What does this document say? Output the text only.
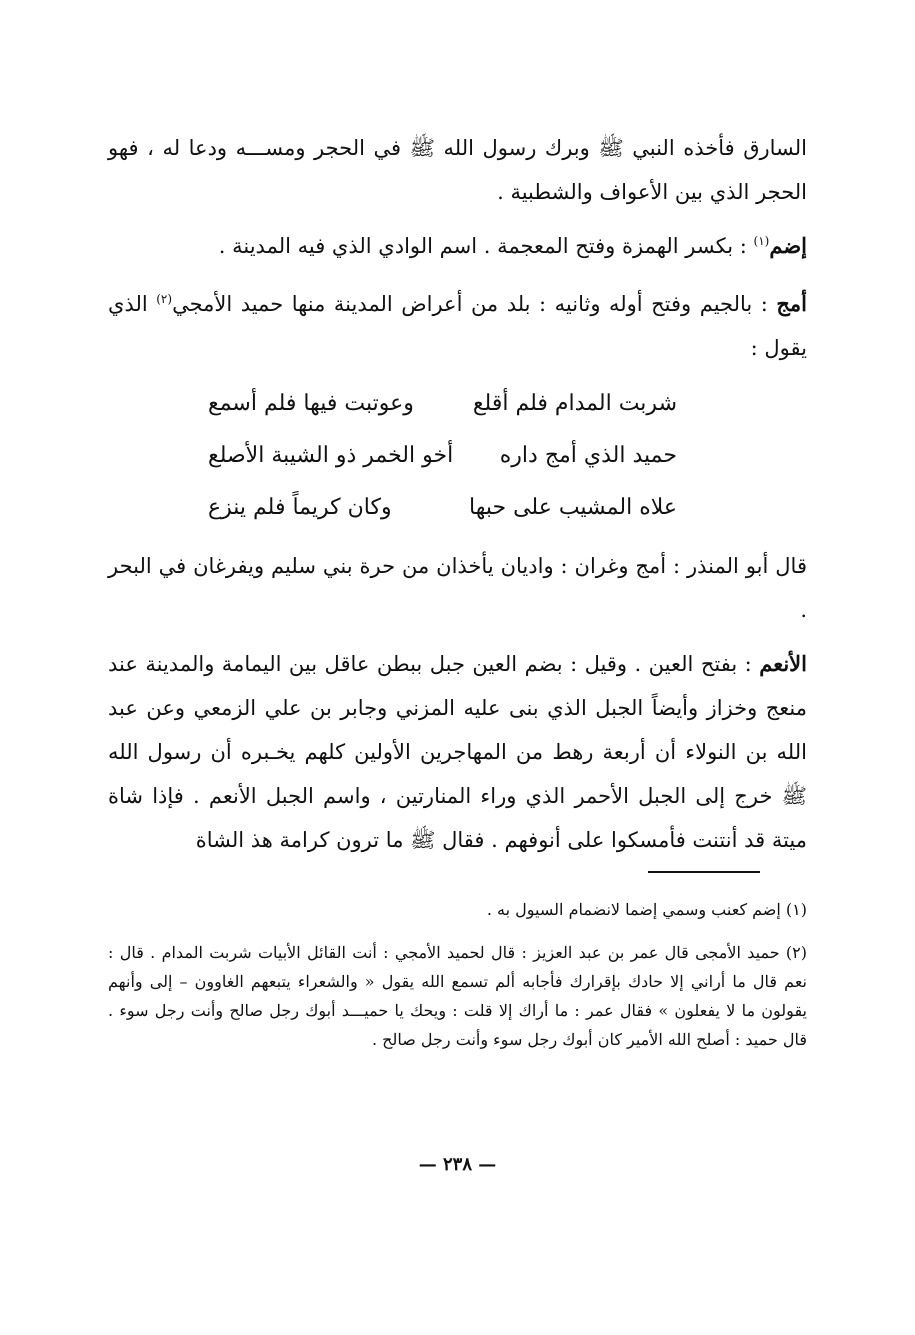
السارق فأخذه النبي ﷺ وبرك رسول الله ﷺ في الحجر ومســـه ودعا له ، فهو الحجر الذي بين الأعواف والشطبية .

إضم$^{(١)}$ : بكسر الهمزة وفتح المعجمة . اسم الوادي الذي فيه المدينة .

أمج : بالجيم وفتح أوله وثانيه : بلد من أعراض المدينة منها حميد الأمجي$^{(٢)}$ الذي يقول :

شربت المدام فلم أقلع
وعوتبت فيها فلم أسمع
حميد الذي أمج داره
أخو الخمر ذو الشيبة الأصلع
علاه المشيب على حبها
وكان كريماً فلم ينزع

قال أبو المنذر : أمج وغران : واديان يأخذان من حرة بني سليم ويفرغان في البحر .

الأنعم : بفتح العين . وقيل : بضم العين جبل ببطن عاقل بين اليمامة والمدينة عند منعج وخزاز وأيضاً الجبل الذي بنى عليه المزني وجابر بن علي الزمعي وعن عبد الله بن النولاء أن أربعة رهط من المهاجرين الأولين كلهم يخـبره أن رسول الله ﷺ خرج إلى الجبل الأحمر الذي وراء المنارتين ، واسم الجبل الأنعم . فإذا شاة ميتة قد أنتنت فأمسكوا على أنوفهم . فقال ﷺ ما ترون كرامة هذ الشاة

(١) إضم كعنب وسمي إضما لانضمام السيول به .

(٢) حميد الأمجى قال عمر بن عبد العزيز : قال لحميد الأمجي : أنت القائل الأبيات شربت المدام . قال : نعم قال ما أراني إلا حادك بإقرارك فأجابه ألم تسمع الله يقول « والشعراء يتبعهم الغاوون – إلى وأنهم يقولون ما لا يفعلون » فقال عمر : ما أراك إلا قلت : ويحك يا حميـــد أبوك رجل صالح وأنت رجل سوء . قال حميد : أصلح الله الأمير كان أبوك رجل سوء وأنت رجل صالح .

— ٢٣٨ —
